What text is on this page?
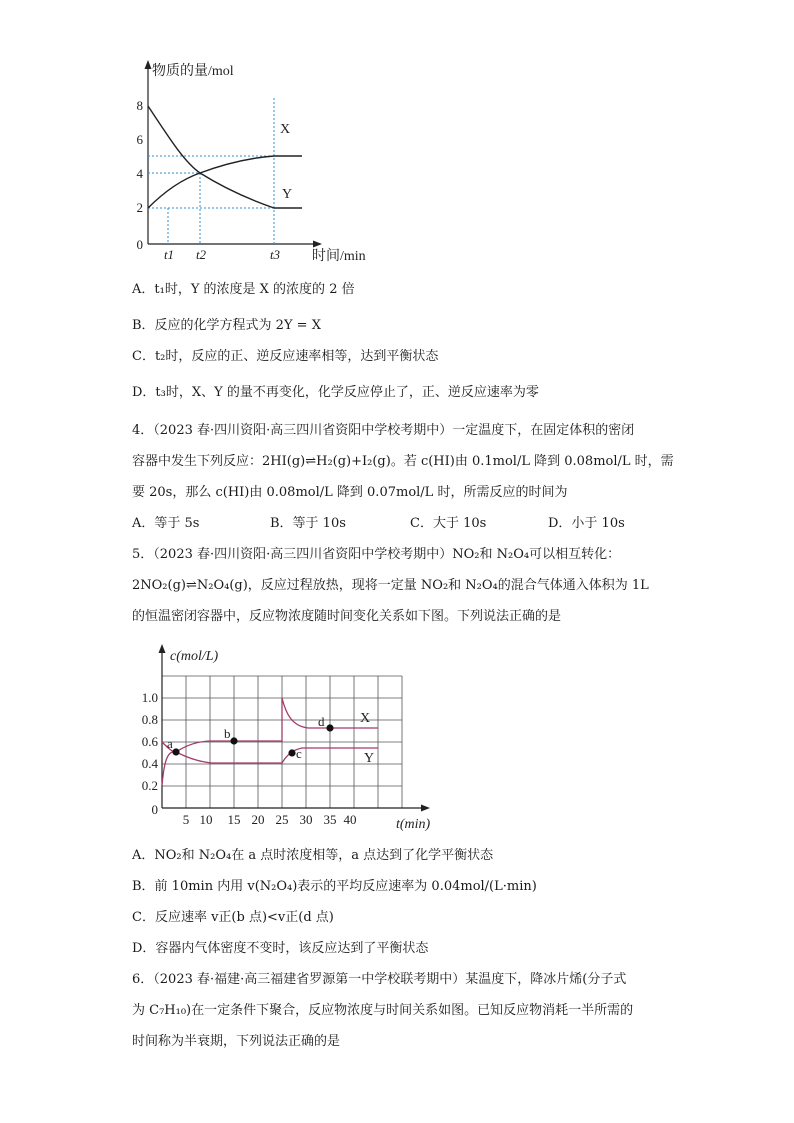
0
2
4
6
8
t1 t2	t3
物质的量/mol
时间/min
X
Y
A．t₁时，Y 的浓度是 X 的浓度的 2 倍
B．反应的化学方程式为 2Y = X
C．t₂时，反应的正、逆反应速率相等，达到平衡状态
D．t₃时，X、Y 的量不再变化，化学反应停止了，正、逆反应速率为零
4．（2023 春·四川资阳·高三四川省资阳中学校考期中）一定温度下，在固定体积的密闭
容器中发生下列反应：2HI(g)⇌H₂(g)+I₂(g)。若 c(HI)由 0.1mol/L 降到 0.08mol/L 时，需
要 20s，那么 c(HI)由 0.08mol/L 降到 0.07mol/L 时，所需反应的时间为
A．等于 5s	B．等于 10s	C．大于 10s	D．小于 10s
5．（2023 春·四川资阳·高三四川省资阳中学校考期中）NO₂和 N₂O₄可以相互转化：
2NO₂(g)⇌N₂O₄(g)，反应过程放热，现将一定量 NO₂和 N₂O₄的混合气体通入体积为 1L
的恒温密闭容器中，反应物浓度随时间变化关系如下图。下列说法正确的是
a
b
c
d
0
0.2
0.4
0.6
0.8
1.0
5 10 15 20 25 30 35 40
c(mol/L)
t(min)
X
Y
A．NO₂和 N₂O₄在 a 点时浓度相等，a 点达到了化学平衡状态
B．前 10min 内用 v(N₂O₄)表示的平均反应速率为 0.04mol/(L·min)
C．反应速率 v正(b 点)<v正(d 点)
D．容器内气体密度不变时，该反应达到了平衡状态
6．（2023 春·福建·高三福建省罗源第一中学校联考期中）某温度下，降冰片烯(分子式
为 C₇H₁₀)在一定条件下聚合，反应物浓度与时间关系如图。已知反应物消耗一半所需的
时间称为半衰期，下列说法正确的是
